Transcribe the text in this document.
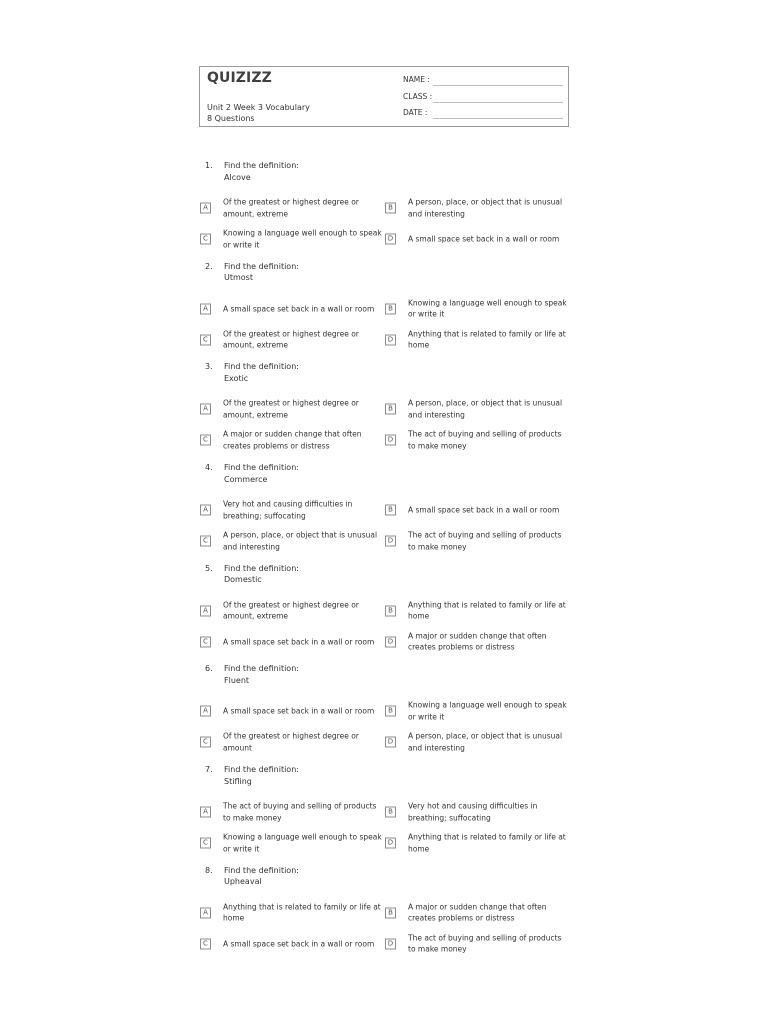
QUIZIZZ
Unit 2 Week 3 Vocabulary
8 Questions
NAME :
CLASS :
DATE :
1. Find the definition:
Alcove
A
Of the greatest or highest degree or amount, extreme
B
A person, place, or object that is unusual and interesting
C
Knowing a language well enough to speak or write it
D	A small space set back in a wall or room
2. Find the definition:
Utmost
A	A small space set back in a wall or room	B
Knowing a language well enough to speak or write it
C
Of the greatest or highest degree or amount, extreme
D
Anything that is related to family or life at home
3. Find the definition:
Exotic
A
Of the greatest or highest degree or amount, extreme
B
A person, place, or object that is unusual and interesting
C
A major or sudden change that often creates problems or distress
D
The act of buying and selling of products to make money
4. Find the definition:
Commerce
A
Very hot and causing difficulties in breathing; suffocating
B	A small space set back in a wall or room
C
A person, place, or object that is unusual and interesting
D
The act of buying and selling of products to make money
5. Find the definition:
Domestic
A
Of the greatest or highest degree or amount, extreme
B
Anything that is related to family or life at home
C	A small space set back in a wall or room	D
A major or sudden change that often creates problems or distress
6. Find the definition:
Fluent
A	A small space set back in a wall or room	B
Knowing a language well enough to speak or write it
C
Of the greatest or highest degree or amount
D
A person, place, or object that is unusual and interesting
7. Find the definition:
Stifling
A
The act of buying and selling of products to make money
B
Very hot and causing difficulties in breathing; suffocating
C
Knowing a language well enough to speak or write it
D
Anything that is related to family or life at home
8. Find the definition:
Upheaval
A
Anything that is related to family or life at home
B
A major or sudden change that often creates problems or distress
C	A small space set back in a wall or room	D
The act of buying and selling of products to make money
